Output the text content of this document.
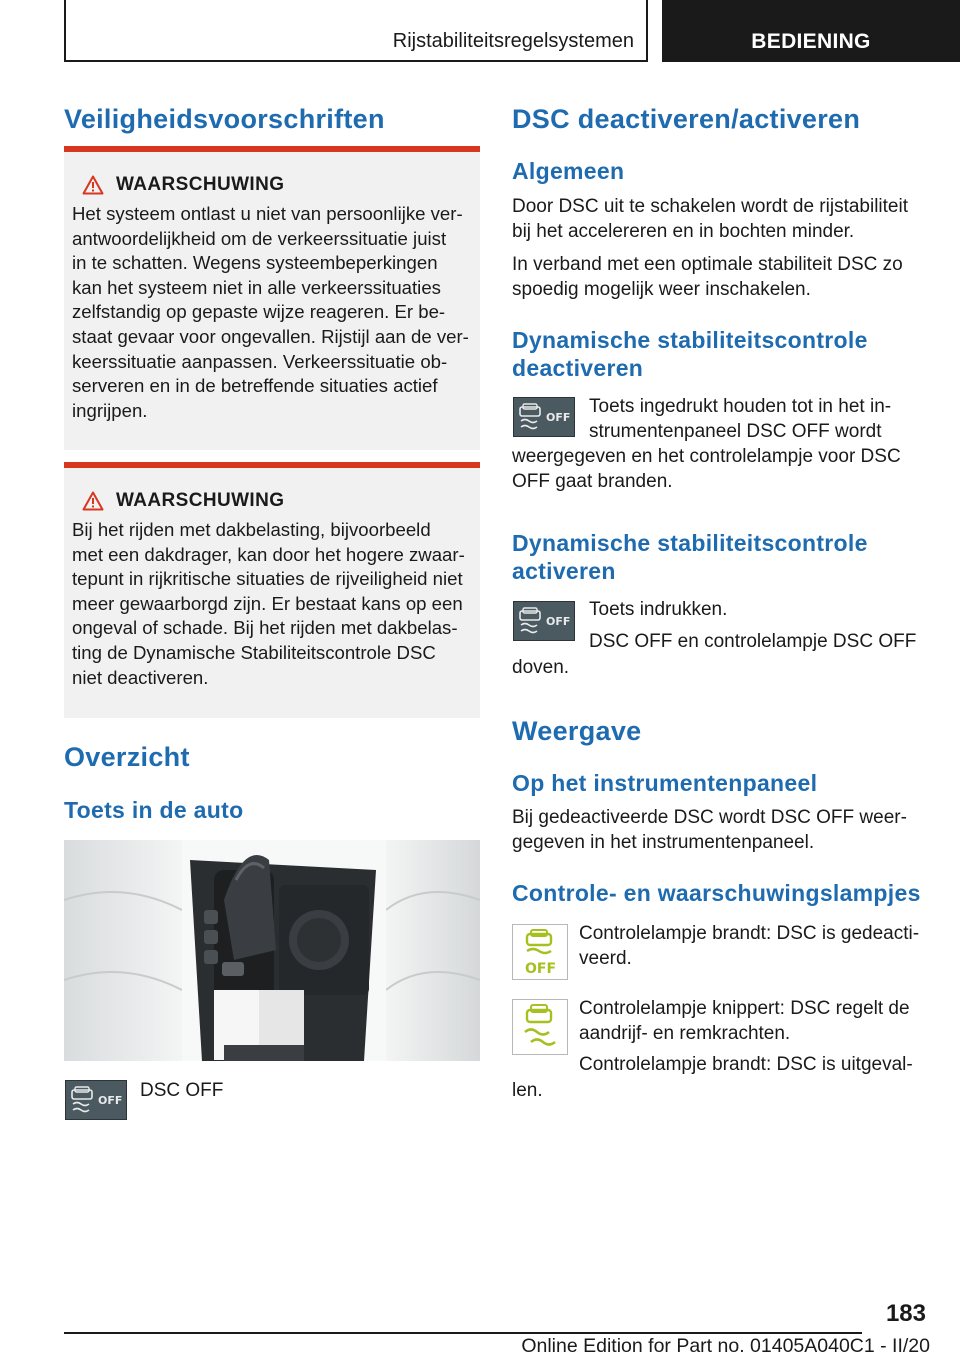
Rijstabiliteitsregelsystemen	BEDIENING
Veiligheidsvoorschriften
WAARSCHUWING

Het systeem ontlast u niet van persoonlijke ver-
antwoordelijkheid om de verkeerssituatie juist
in te schatten. Wegens systeembeperkingen
kan het systeem niet in alle verkeerssituaties
zelfstandig op gepaste wijze reageren. Er be-
staat gevaar voor ongevallen. Rijstijl aan de ver-
keerssituatie aanpassen. Verkeerssituatie ob-
serveren en in de betreffende situaties actief
ingrijpen.

WAARSCHUWING

Bij het rijden met dakbelasting, bijvoorbeeld
met een dakdrager, kan door het hogere zwaar-
tepunt in rijkritische situaties de rijveiligheid niet
meer gewaarborgd zijn. Er bestaat kans op een
ongeval of schade. Bij het rijden met dakbelas-
ting de Dynamische Stabiliteitscontrole DSC
niet deactiveren.

Overzicht
Toets in de auto
OFF DSC OFF

DSC deactiveren/activeren
Algemeen

Door DSC uit te schakelen wordt de rijstabiliteit
bij het accelereren en in bochten minder.

In verband met een optimale stabiliteit DSC zo
spoedig mogelijk weer inschakelen.

Dynamische stabiliteitscontrole
deactiveren
OFF

Toets ingedrukt houden tot in het in-
strumentenpaneel DSC OFF wordt

weergegeven en het controlelampje voor DSC
OFF gaat branden.

Dynamische stabiliteitscontrole
activeren
OFF

Toets indrukken.

DSC OFF en controlelampje DSC OFF

doven.

Weergave
Op het instrumentenpaneel

Bij gedeactiveerde DSC wordt DSC OFF weer-
gegeven in het instrumentenpaneel.

Controle- en waarschuwingslampjes
OFF

Controlelampje brandt: DSC is gedeacti-
veerd.

Controlelampje knippert: DSC regelt de
aandrijf- en remkrachten.

Controlelampje brandt: DSC is uitgeval-

len.

183
Online Edition for Part no. 01405A040C1 - II/20
